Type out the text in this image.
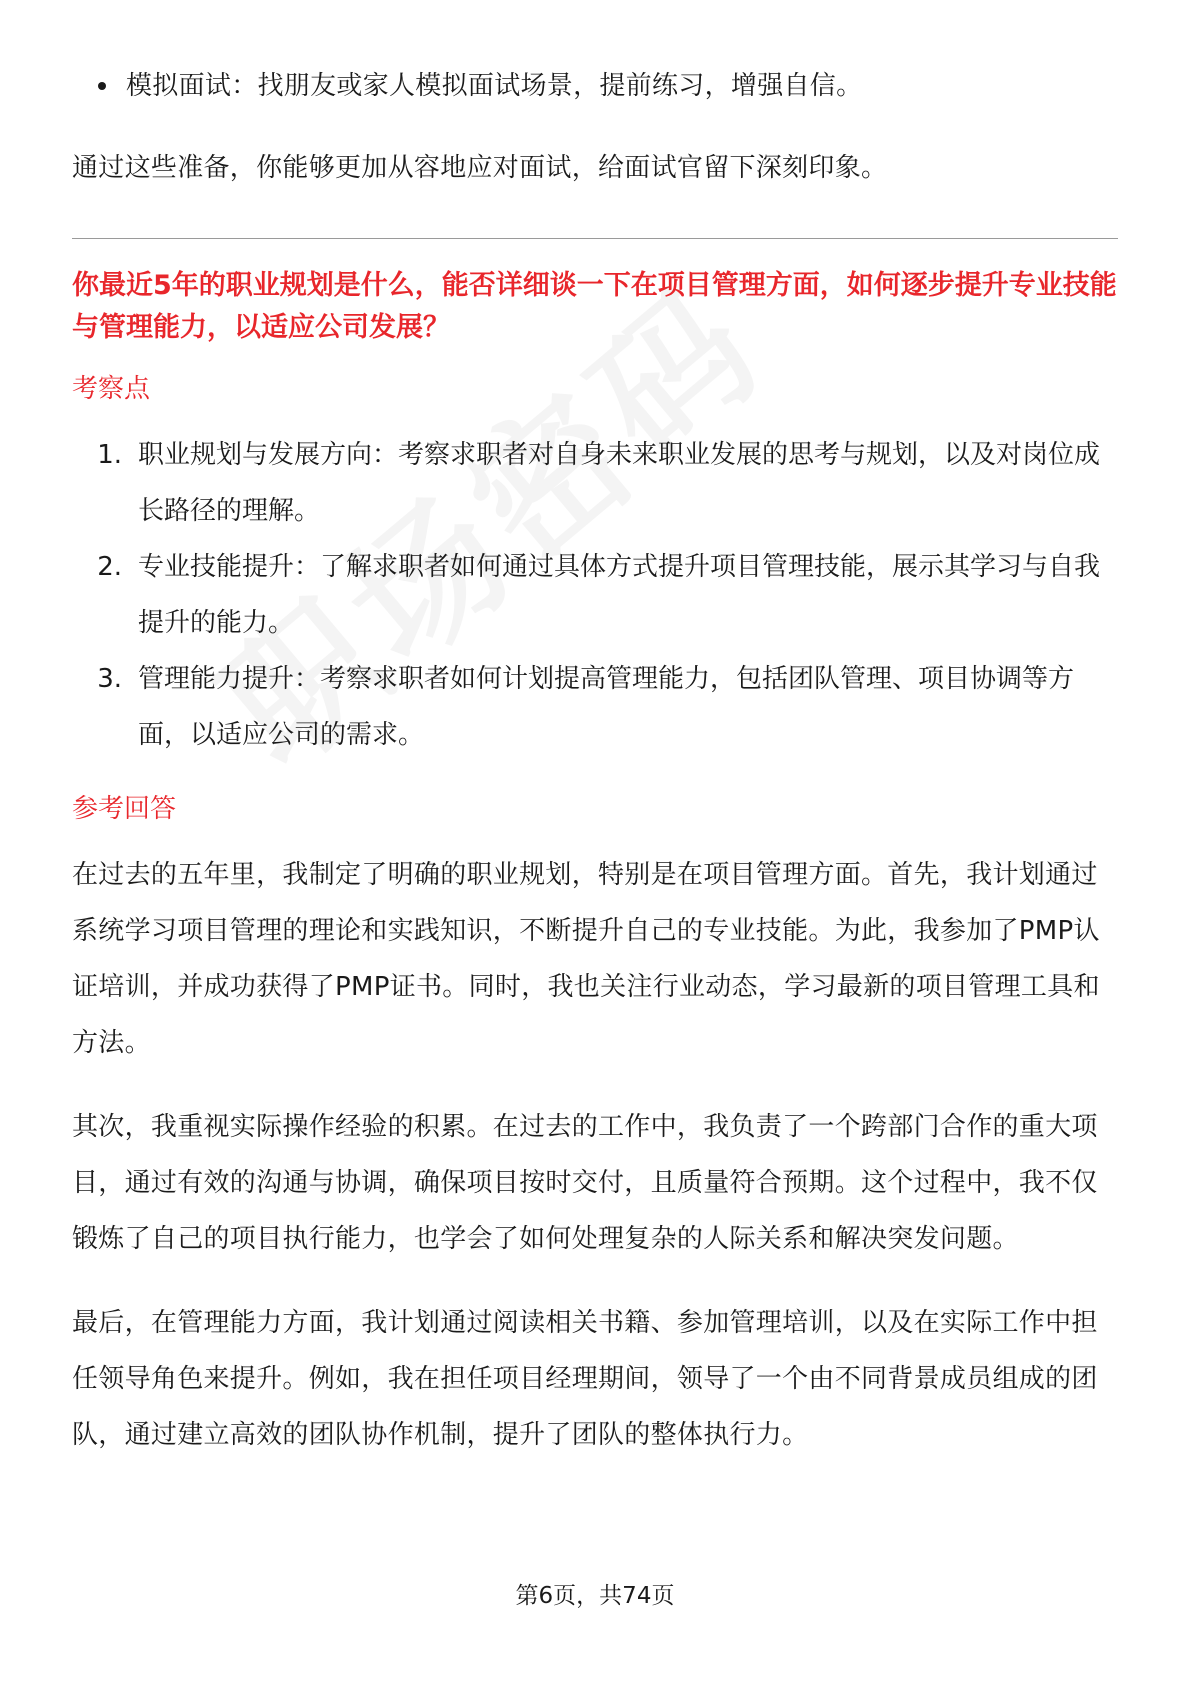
模拟面试：找朋友或家人模拟面试场景，提前练习，增强自信。

通过这些准备，你能够更加从容地应对面试，给面试官留下深刻印象。

你最近5年的职业规划是什么，能否详细谈一下在项目管理方面，如何逐步提升专业技能与管理能力，以适应公司发展？

考察点
1. 职业规划与发展方向：考察求职者对自身未来职业发展的思考与规划，以及对岗位成长路径的理解。
2. 专业技能提升：了解求职者如何通过具体方式提升项目管理技能，展示其学习与自我提升的能力。
3. 管理能力提升：考察求职者如何计划提高管理能力，包括团队管理、项目协调等方面，以适应公司的需求。
参考回答

在过去的五年里，我制定了明确的职业规划，特别是在项目管理方面。首先，我计划通过系统学习项目管理的理论和实践知识，不断提升自己的专业技能。为此，我参加了PMP认证培训，并成功获得了PMP证书。同时，我也关注行业动态，学习最新的项目管理工具和方法。

其次，我重视实际操作经验的积累。在过去的工作中，我负责了一个跨部门合作的重大项目，通过有效的沟通与协调，确保项目按时交付，且质量符合预期。这个过程中，我不仅锻炼了自己的项目执行能力，也学会了如何处理复杂的人际关系和解决突发问题。

最后，在管理能力方面，我计划通过阅读相关书籍、参加管理培训，以及在实际工作中担任领导角色来提升。例如，我在担任项目经理期间，领导了一个由不同背景成员组成的团队，通过建立高效的团队协作机制，提升了团队的整体执行力。

第6页，共74页
